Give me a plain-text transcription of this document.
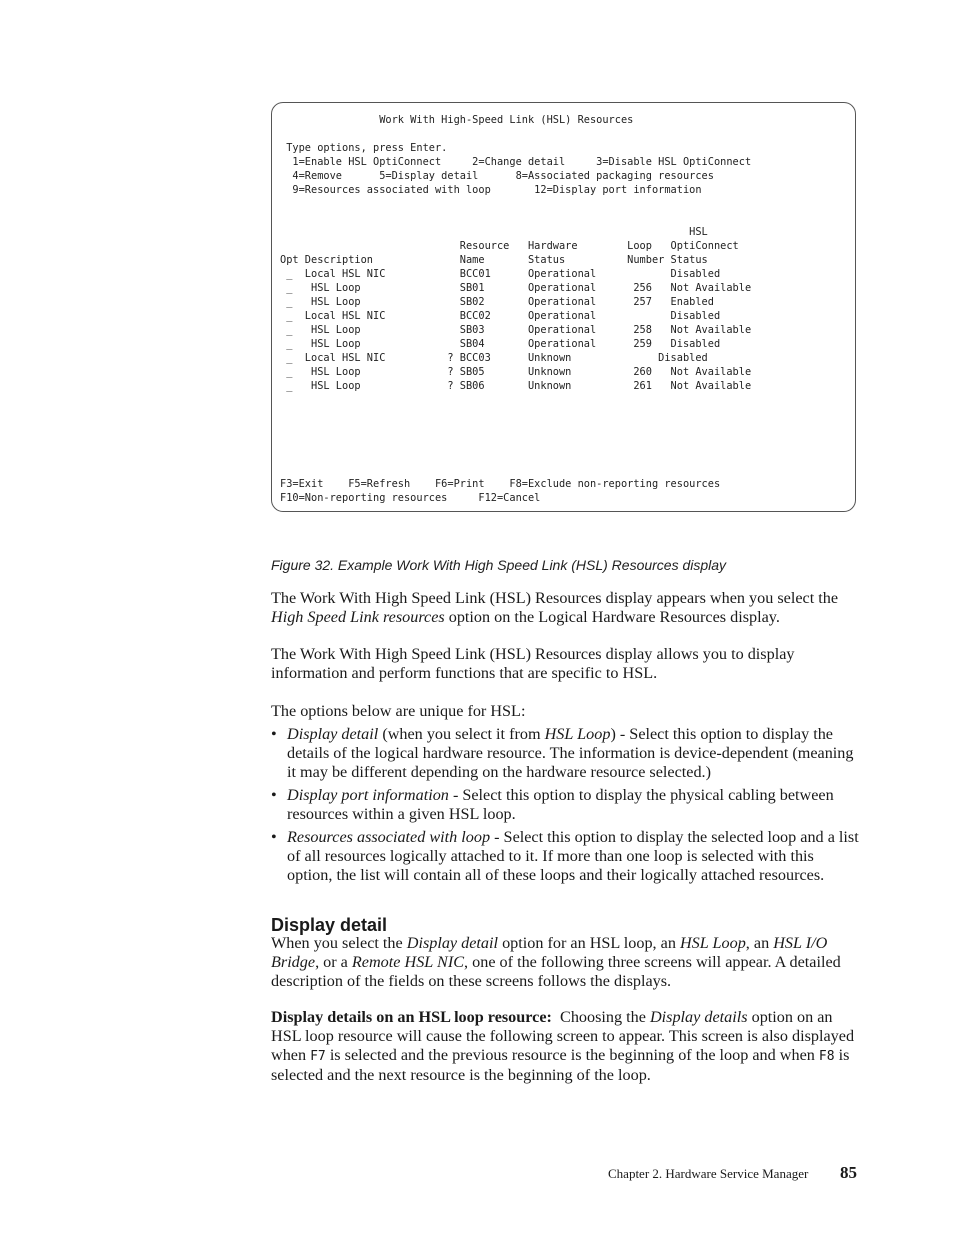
Work With High-Speed Link (HSL) Resources

Type options, press Enter.
1=Enable HSL OptiConnect     2=Change detail     3=Disable HSL OptiConnect
4=Remove      5=Display detail      8=Associated packaging resources
9=Resources associated with loop       12=Display port information

HSL
Resource   Hardware        Loop   OptiConnect
Opt Description              Name       Status          Number Status
_  Local HSL NIC            BCC01      Operational            Disabled
_   HSL Loop                SB01       Operational      256   Not Available
_   HSL Loop                SB02       Operational      257   Enabled
_  Local HSL NIC            BCC02      Operational            Disabled
_   HSL Loop                SB03       Operational      258   Not Available
_   HSL Loop                SB04       Operational      259   Disabled
_  Local HSL NIC          ? BCC03      Unknown              Disabled
_   HSL Loop              ? SB05       Unknown          260   Not Available
_   HSL Loop              ? SB06       Unknown          261   Not Available

F3=Exit    F5=Refresh    F6=Print    F8=Exclude non-reporting resources
F10=Non-reporting resources     F12=Cancel

Figure 32. Example Work With High Speed Link (HSL) Resources display

The Work With High Speed Link (HSL) Resources display appears when you select the High Speed Link resources option on the Logical Hardware Resources display.

The Work With High Speed Link (HSL) Resources display allows you to display information and perform functions that are specific to HSL.

The options below are unique for HSL:

• Display detail (when you select it from HSL Loop) - Select this option to display the details of the logical hardware resource. The information is device-dependent (meaning it may be different depending on the hardware resource selected.)
• Display port information - Select this option to display the physical cabling between resources within a given HSL loop.
• Resources associated with loop - Select this option to display the selected loop and a list of all resources logically attached to it. If more than one loop is selected with this option, the list will contain all of these loops and their logically attached resources.
Display detail

When you select the Display detail option for an HSL loop, an HSL Loop, an HSL I/O Bridge, or a Remote HSL NIC, one of the following three screens will appear. A detailed description of the fields on these screens follows the displays.

Display details on an HSL loop resource:  Choosing the Display details option on an HSL loop resource will cause the following screen to appear. This screen is also displayed when F7 is selected and the previous resource is the beginning of the loop and when F8 is selected and the next resource is the beginning of the loop.

Chapter 2. Hardware Service Manager 85
